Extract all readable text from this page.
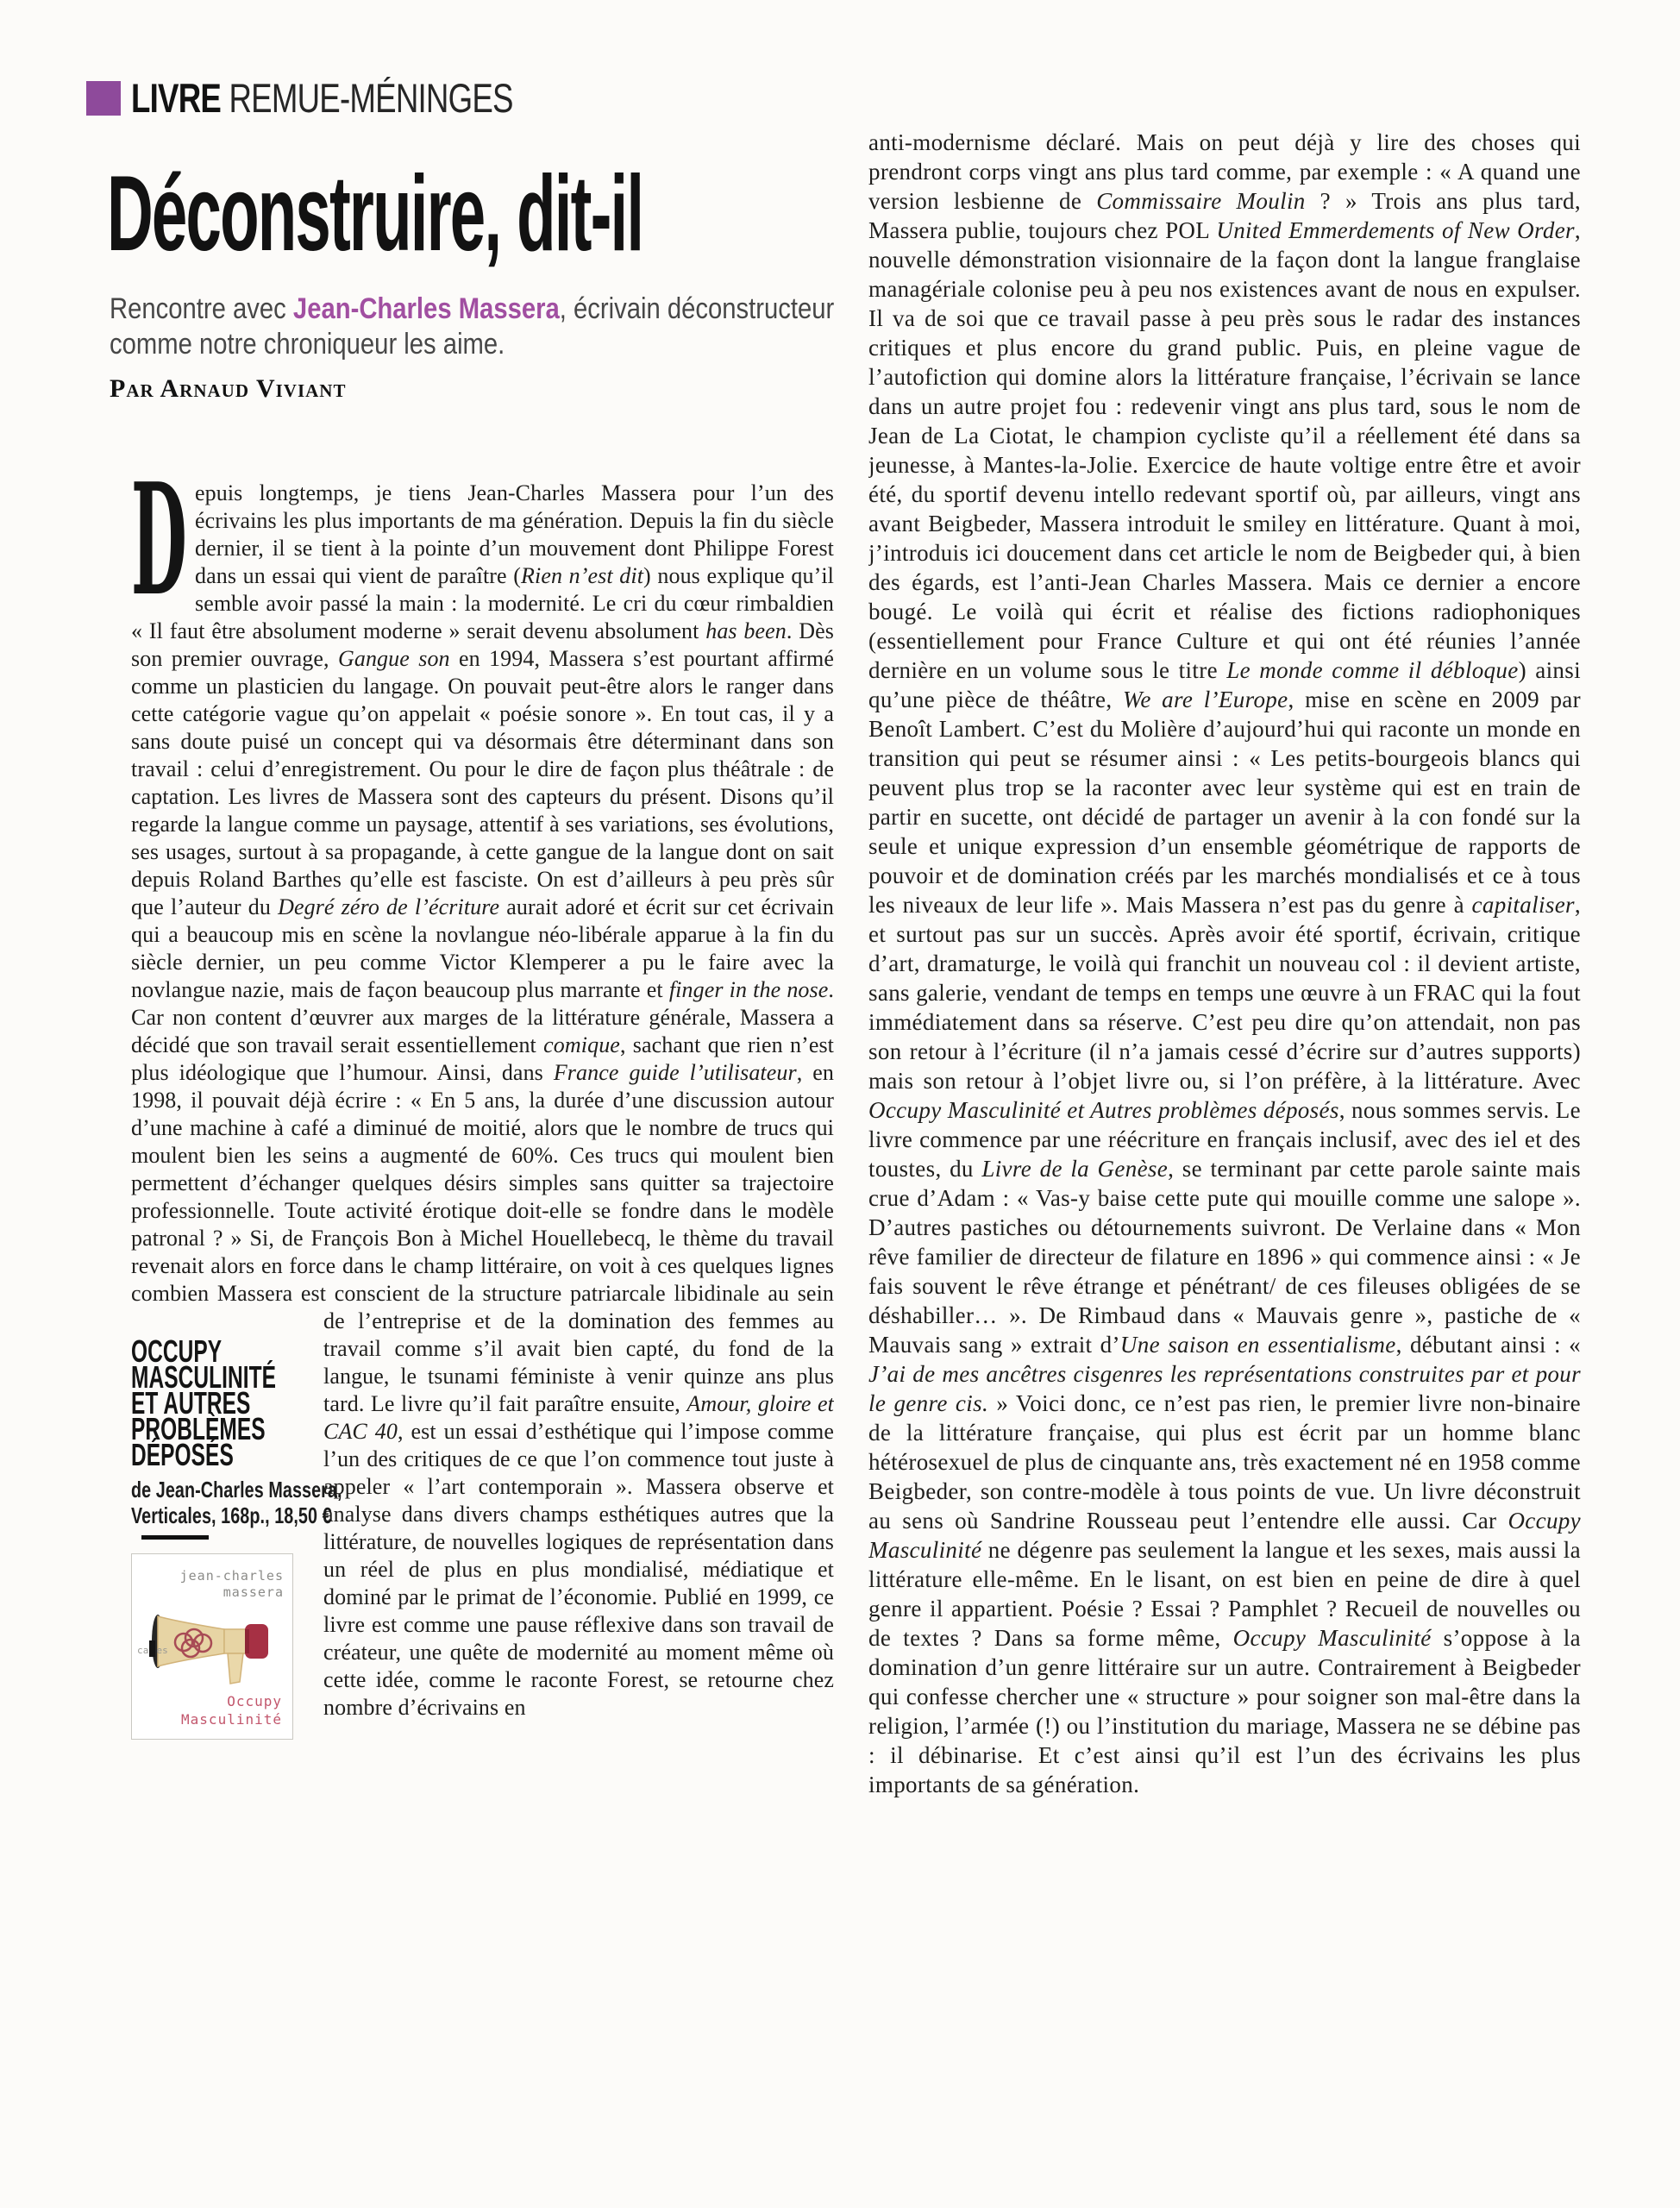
LIVRE REMUE-MÉNINGES
Déconstruire, dit-il
Rencontre avec Jean-Charles Massera, écrivain déconstructeur
comme notre chroniqueur les aime.
Par Arnaud Viviant
Depuis longtemps, je tiens Jean-Charles Massera pour l’un des écrivains les plus importants de ma génération. Depuis la fin du siècle dernier, il se tient à la pointe d’un mouvement dont Philippe Forest dans un essai qui vient de paraître (Rien n’est dit) nous explique qu’il semble avoir passé la main : la modernité. Le cri du cœur rimbaldien « Il faut être absolument moderne » serait devenu absolument has been. Dès son premier ouvrage, Gangue son en 1994, Massera s’est pourtant affirmé comme un plasticien du langage. On pouvait peut-être alors le ranger dans cette catégorie vague qu’on appelait « poésie sonore ». En tout cas, il y a sans doute puisé un concept qui va désormais être déterminant dans son travail : celui d’enregistrement. Ou pour le dire de façon plus théâtrale : de captation. Les livres de Massera sont des capteurs du présent. Disons qu’il regarde la langue comme un paysage, attentif à ses variations, ses évolutions, ses usages, surtout à sa propagande, à cette gangue de la langue dont on sait depuis Roland Barthes qu’elle est fasciste. On est d’ailleurs à peu près sûr que l’auteur du Degré zéro de l’écriture aurait adoré et écrit sur cet écrivain qui a beaucoup mis en scène la novlangue néo-libérale apparue à la fin du siècle dernier, un peu comme Victor Klemperer a pu le faire avec la novlangue nazie, mais de façon beaucoup plus marrante et finger in the nose. Car non content d’œuvrer aux marges de la littérature générale, Massera a décidé que son travail serait essentiellement comique, sachant que rien n’est plus idéologique que l’humour. Ainsi, dans France guide l’utilisateur, en 1998, il pouvait déjà écrire : « En 5 ans, la durée d’une discussion autour d’une machine à café a diminué de moitié, alors que le nombre de trucs qui moulent bien les seins a augmenté de 60%. Ces trucs qui moulent bien permettent d’échanger quelques désirs simples sans quitter sa trajectoire professionnelle. Toute activité érotique doit-elle se fondre dans le modèle patronal ? » Si, de François Bon à Michel Houellebecq, le thème du travail revenait alors en force dans le champ littéraire, on voit à ces quelques lignes combien Massera est conscient de la structure patriarcale libidinale au sein de l’entreprise et de la
OCCUPY
MASCULINITÉ
ET AUTRES
PROBLÈMES
DÉPOSÉS
de Jean-Charles Massera,
Verticales, 168p., 18,50 €
jean-charles
massera
ca es
Occupy
Masculinité
domination des femmes au travail comme s’il avait bien capté, du fond de la langue, le tsunami féministe à venir quinze ans plus tard. Le livre qu’il fait paraître ensuite, Amour, gloire et CAC 40, est un essai d’esthétique qui l’impose comme l’un des critiques de ce que l’on commence tout juste à appeler « l’art contemporain ». Massera observe et analyse dans divers champs esthétiques autres que la littérature, de nouvelles logiques de représentation dans un réel de plus en plus mondialisé, médiatique et dominé par le primat de l’économie. Publié en 1999, ce livre est comme une pause réflexive dans son travail de créateur, une quête de modernité au moment même où cette idée, comme le raconte Forest, se retourne chez nombre d’écrivains en
anti-modernisme déclaré. Mais on peut déjà y lire des choses qui prendront corps vingt ans plus tard comme, par exemple : « A quand une version lesbienne de Commissaire Moulin ? » Trois ans plus tard, Massera publie, toujours chez POL United Emmerdements of New Order, nouvelle démonstration visionnaire de la façon dont la langue franglaise managériale colonise peu à peu nos existences avant de nous en expulser. Il va de soi que ce travail passe à peu près sous le radar des instances critiques et plus encore du grand public. Puis, en pleine vague de l’autofiction qui domine alors la littérature française, l’écrivain se lance dans un autre projet fou : redevenir vingt ans plus tard, sous le nom de Jean de La Ciotat, le champion cycliste qu’il a réellement été dans sa jeunesse, à Mantes-la-Jolie. Exercice de haute voltige entre être et avoir été, du sportif devenu intello redevant sportif où, par ailleurs, vingt ans avant Beigbeder, Massera introduit le smiley en littérature. Quant à moi, j’introduis ici doucement dans cet article le nom de Beigbeder qui, à bien des égards, est l’anti-Jean Charles Massera. Mais ce dernier a encore bougé. Le voilà qui écrit et réalise des fictions radiophoniques (essentiellement pour France Culture et qui ont été réunies l’année dernière en un volume sous le titre Le monde comme il débloque) ainsi qu’une pièce de théâtre, We are l’Europe, mise en scène en 2009 par Benoît Lambert. C’est du Molière d’aujourd’hui qui raconte un monde en transition qui peut se résumer ainsi : « Les petits-bourgeois blancs qui peuvent plus trop se la raconter avec leur système qui est en train de partir en sucette, ont décidé de partager un avenir à la con fondé sur la seule et unique expression d’un ensemble géométrique de rapports de pouvoir et de domination créés par les marchés mondialisés et ce à tous les niveaux de leur life ». Mais Massera n’est pas du genre à capitaliser, et surtout pas sur un succès. Après avoir été sportif, écrivain, critique d’art, dramaturge, le voilà qui franchit un nouveau col : il devient artiste, sans galerie, vendant de temps en temps une œuvre à un FRAC qui la fout immédiatement dans sa réserve. C’est peu dire qu’on attendait, non pas son retour à l’écriture (il n’a jamais cessé d’écrire sur d’autres supports) mais son retour à l’objet livre ou, si l’on préfère, à la littérature. Avec Occupy Masculinité et Autres problèmes déposés, nous sommes servis. Le livre commence par une réécriture en français inclusif, avec des iel et des toustes, du Livre de la Genèse, se terminant par cette parole sainte mais crue d’Adam : « Vas-y baise cette pute qui mouille comme une salope ». D’autres pastiches ou détournements suivront. De Verlaine dans « Mon rêve familier de directeur de filature en 1896 » qui commence ainsi : « Je fais souvent le rêve étrange et pénétrant/ de ces fileuses obligées de se déshabiller… ». De Rimbaud dans « Mauvais genre », pastiche de « Mauvais sang » extrait d’Une saison en essentialisme, débutant ainsi : « J’ai de mes ancêtres cisgenres les représentations construites par et pour le genre cis. » Voici donc, ce n’est pas rien, le premier livre non-binaire de la littérature française, qui plus est écrit par un homme blanc hétérosexuel de plus de cinquante ans, très exactement né en 1958 comme Beigbeder, son contre-modèle à tous points de vue. Un livre déconstruit au sens où Sandrine Rousseau peut l’entendre elle aussi. Car Occupy Masculinité ne dégenre pas seulement la langue et les sexes, mais aussi la littérature elle-même. En le lisant, on est bien en peine de dire à quel genre il appartient. Poésie ? Essai ? Pamphlet ? Recueil de nouvelles ou de textes ? Dans sa forme même, Occupy Masculinité s’oppose à la domination d’un genre littéraire sur un autre. Contrairement à Beigbeder qui confesse chercher une « structure » pour soigner son mal-être dans la religion, l’armée (!) ou l’institution du mariage, Massera ne se débine pas : il débinarise. Et c’est ainsi qu’il est l’un des écrivains les plus importants de sa génération.
